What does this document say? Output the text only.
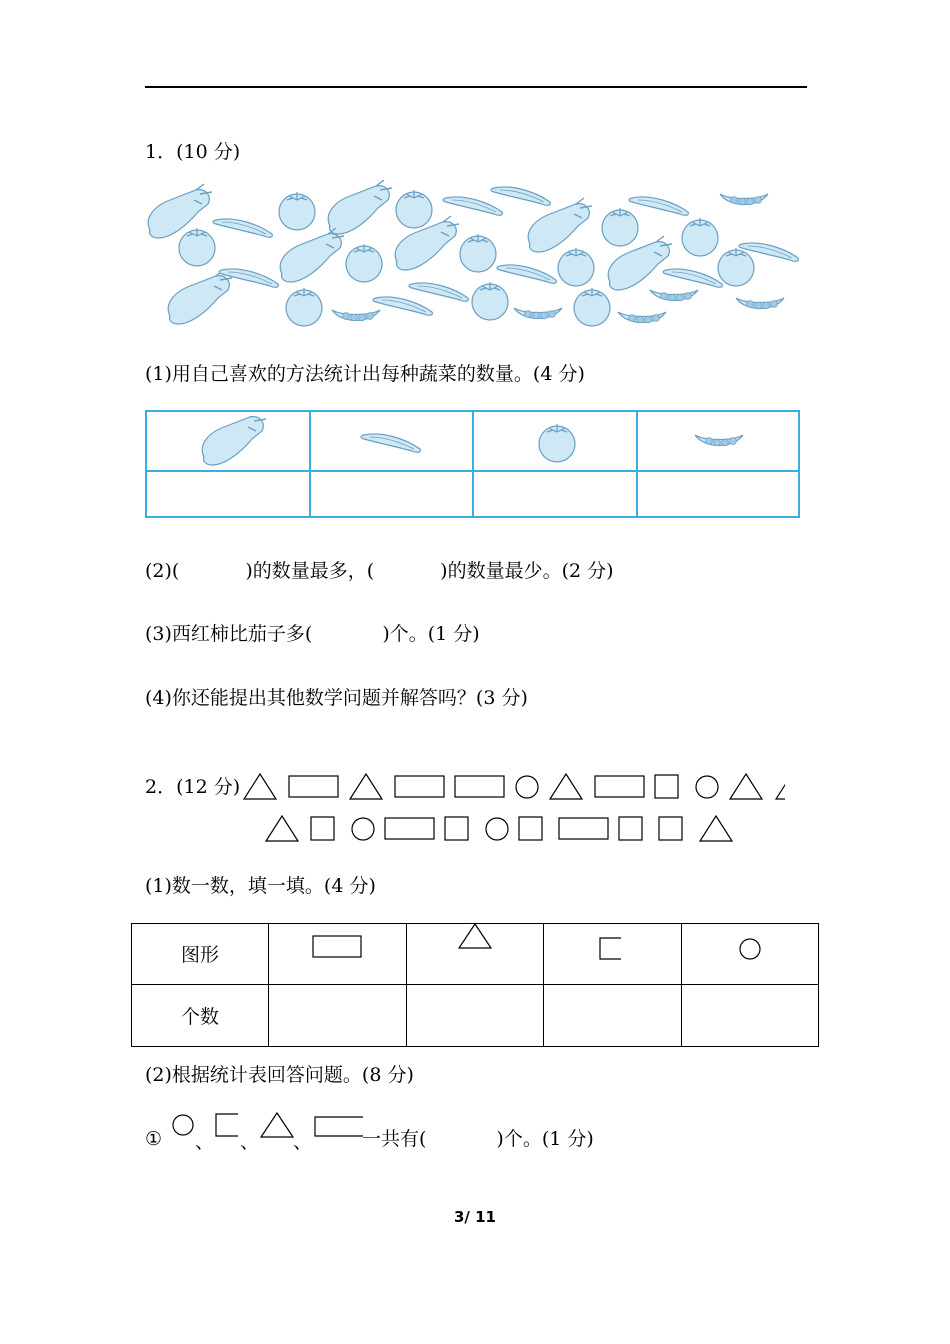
1．(10 分)
(1)用自己喜欢的方法统计出每种蔬菜的数量。(4 分)
(2)(	)的数量最多，(	)的数量最少。(2 分)
(3)西红柿比茄子多(	)个。(1 分)
(4)你还能提出其他数学问题并解答吗？(3 分)
2．(12 分)
(1)数一数，填一填。(4 分)
图形
个数
(2)根据统计表回答问题。(8 分)
① 、 、 、	一共有(	)个。(1 分)
3/ 11
